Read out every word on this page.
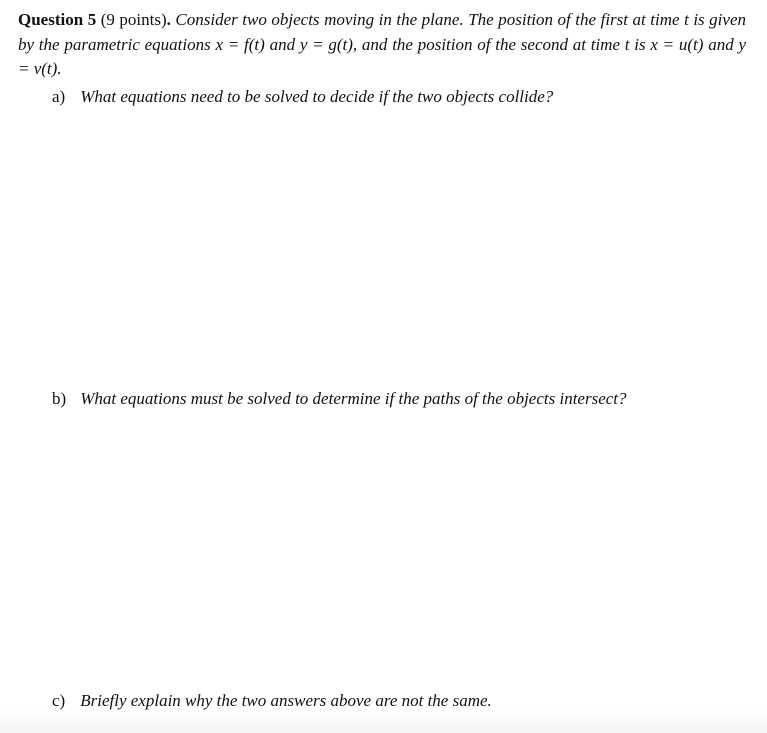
Question 5 (9 points). Consider two objects moving in the plane. The position of the first at time t is given by the parametric equations x = f(t) and y = g(t), and the position of the second at time t is x = u(t) and y = v(t).
a) What equations need to be solved to decide if the two objects collide?
b) What equations must be solved to determine if the paths of the objects intersect?
c) Briefly explain why the two answers above are not the same.
